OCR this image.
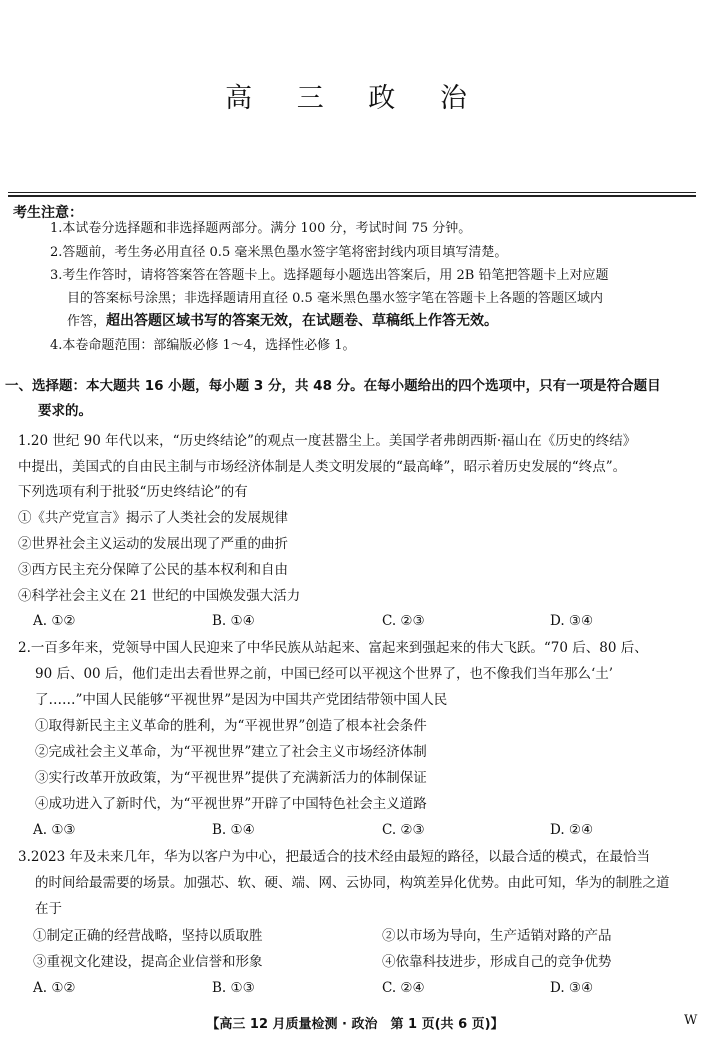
高 三 政 治
考生注意：
1.本试卷分选择题和非选择题两部分。满分 100 分，考试时间 75 分钟。
2.答题前，考生务必用直径 0.5 毫米黑色墨水签字笔将密封线内项目填写清楚。
3.考生作答时，请将答案答在答题卡上。选择题每小题选出答案后，用 2B 铅笔把答题卡上对应题
目的答案标号涂黑；非选择题请用直径 0.5 毫米黑色墨水签字笔在答题卡上各题的答题区域内
作答，超出答题区域书写的答案无效，在试题卷、草稿纸上作答无效。
4.本卷命题范围：部编版必修 1～4，选择性必修 1。
一、选择题：本大题共 16 小题，每小题 3 分，共 48 分。在每小题给出的四个选项中，只有一项是符合题目
要求的。
1.20 世纪 90 年代以来，“历史终结论”的观点一度甚嚣尘上。美国学者弗朗西斯·福山在《历史的终结》
中提出，美国式的自由民主制与市场经济体制是人类文明发展的“最高峰”，昭示着历史发展的“终点”。
下列选项有利于批驳“历史终结论”的有
①《共产党宣言》揭示了人类社会的发展规律
②世界社会主义运动的发展出现了严重的曲折
③西方民主充分保障了公民的基本权利和自由
④科学社会主义在 21 世纪的中国焕发强大活力
A. ①②	B. ①④	C. ②③	D. ③④
2.一百多年来，党领导中国人民迎来了中华民族从站起来、富起来到强起来的伟大飞跃。“70 后、80 后、
90 后、00 后，他们走出去看世界之前，中国已经可以平视这个世界了，也不像我们当年那么‘土’
了……”中国人民能够“平视世界”是因为中国共产党团结带领中国人民
①取得新民主主义革命的胜利，为“平视世界”创造了根本社会条件
②完成社会主义革命，为“平视世界”建立了社会主义市场经济体制
③实行改革开放政策，为“平视世界”提供了充满新活力的体制保证
④成功进入了新时代，为“平视世界”开辟了中国特色社会主义道路
A. ①③	B. ①④	C. ②③	D. ②④
3.2023 年及未来几年，华为以客户为中心，把最适合的技术经由最短的路径，以最合适的模式，在最恰当
的时间给最需要的场景。加强芯、软、硬、端、网、云协同，构筑差异化优势。由此可知，华为的制胜之道
在于
①制定正确的经营战略，坚持以质取胜	②以市场为导向，生产适销对路的产品
③重视文化建设，提高企业信誉和形象	④依靠科技进步，形成自己的竞争优势
A. ①②	B. ①③	C. ②④	D. ③④
【高三 12 月质量检测 · 政治　第 1 页(共 6 页)】	W
